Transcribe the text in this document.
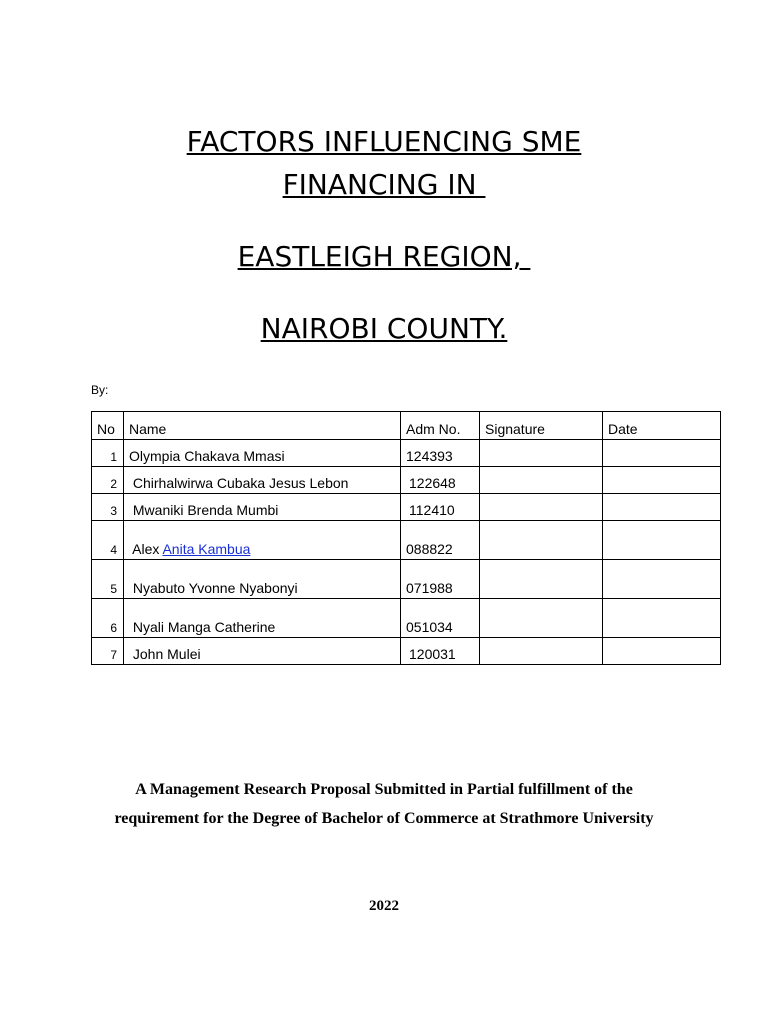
FACTORS INFLUENCING SME
FINANCING IN
EASTLEIGH REGION,
NAIROBI COUNTY.
By:
No	Name	Adm No.	Signature	Date
1	Olympia Chakava Mmasi	124393		
2	Chirhalwirwa Cubaka Jesus Lebon	122648		
3	Mwaniki Brenda Mumbi	112410		
4	Alex Anita Kambua	088822		
5	Nyabuto Yvonne Nyabonyi	071988		
6	Nyali Manga Catherine	051034		
7	John Mulei	120031		
A Management Research Proposal Submitted in Partial fulfillment of the
requirement for the Degree of Bachelor of Commerce at Strathmore University
2022
